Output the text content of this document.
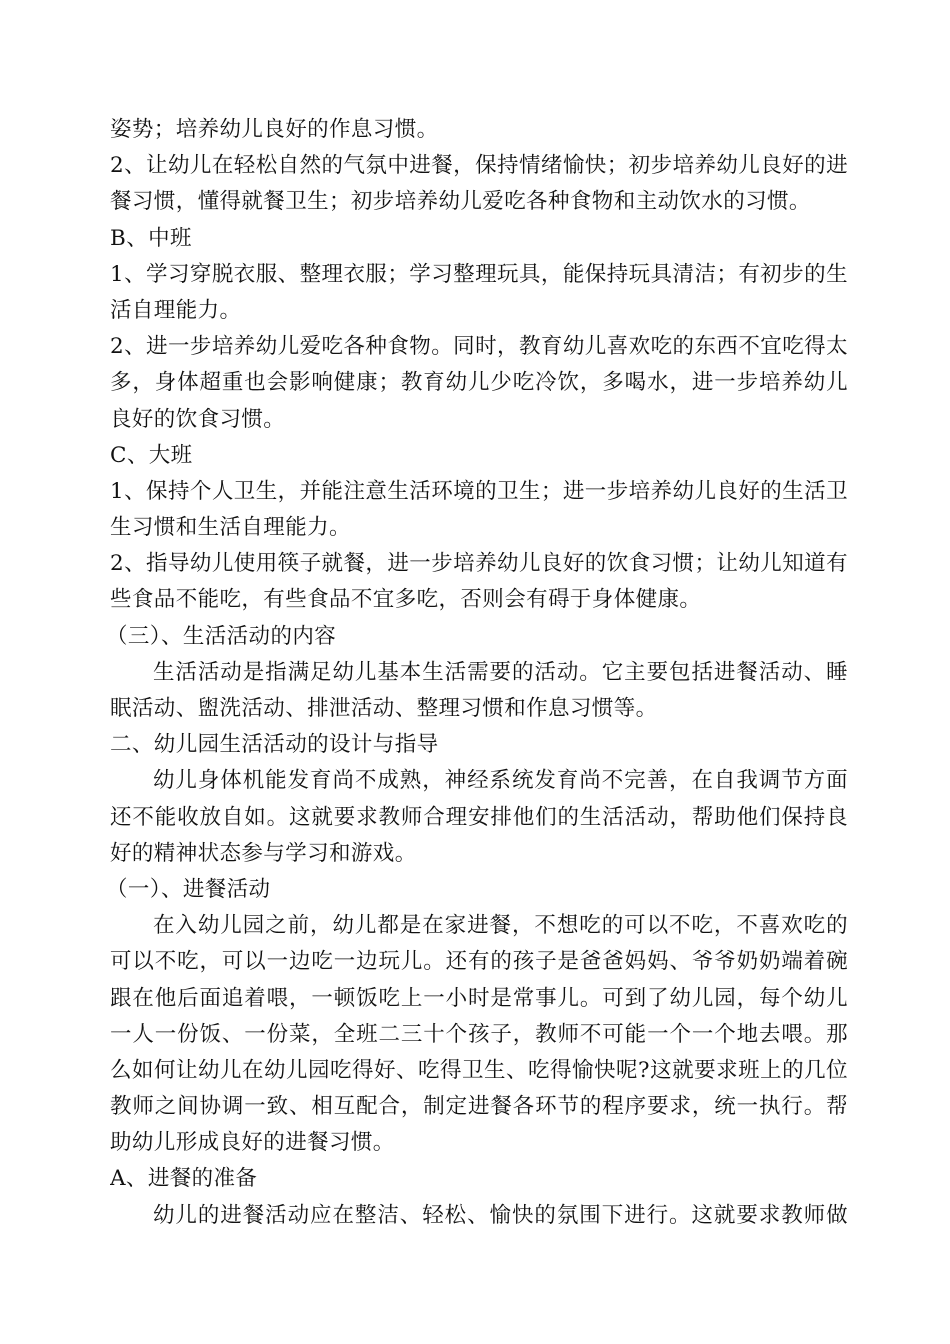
姿势；培养幼儿良好的作息习惯。
2、让幼儿在轻松自然的气氛中进餐，保持情绪愉快；初步培养幼儿良好的进
餐习惯，懂得就餐卫生；初步培养幼儿爱吃各种食物和主动饮水的习惯。
B、中班
1、学习穿脱衣服、整理衣服；学习整理玩具，能保持玩具清洁；有初步的生
活自理能力。
2、进一步培养幼儿爱吃各种食物。同时，教育幼儿喜欢吃的东西不宜吃得太
多，身体超重也会影响健康；教育幼儿少吃冷饮，多喝水，进一步培养幼儿
良好的饮食习惯。
C、大班
1、保持个人卫生，并能注意生活环境的卫生；进一步培养幼儿良好的生活卫
生习惯和生活自理能力。
2、指导幼儿使用筷子就餐，进一步培养幼儿良好的饮食习惯；让幼儿知道有
些食品不能吃，有些食品不宜多吃，否则会有碍于身体健康。
（三）、生活活动的内容
生活活动是指满足幼儿基本生活需要的活动。它主要包括进餐活动、睡
眠活动、盥洗活动、排泄活动、整理习惯和作息习惯等。
二、幼儿园生活活动的设计与指导
幼儿身体机能发育尚不成熟，神经系统发育尚不完善，在自我调节方面
还不能收放自如。这就要求教师合理安排他们的生活活动，帮助他们保持良
好的精神状态参与学习和游戏。
（一）、进餐活动
在入幼儿园之前，幼儿都是在家进餐，不想吃的可以不吃，不喜欢吃的
可以不吃，可以一边吃一边玩儿。还有的孩子是爸爸妈妈、爷爷奶奶端着碗
跟在他后面追着喂，一顿饭吃上一小时是常事儿。可到了幼儿园，每个幼儿
一人一份饭、一份菜，全班二三十个孩子，教师不可能一个一个地去喂。那
么如何让幼儿在幼儿园吃得好、吃得卫生、吃得愉快呢?这就要求班上的几位
教师之间协调一致、相互配合，制定进餐各环节的程序要求，统一执行。帮
助幼儿形成良好的进餐习惯。
A、进餐的准备
幼儿的进餐活动应在整洁、轻松、愉快的氛围下进行。这就要求教师做
